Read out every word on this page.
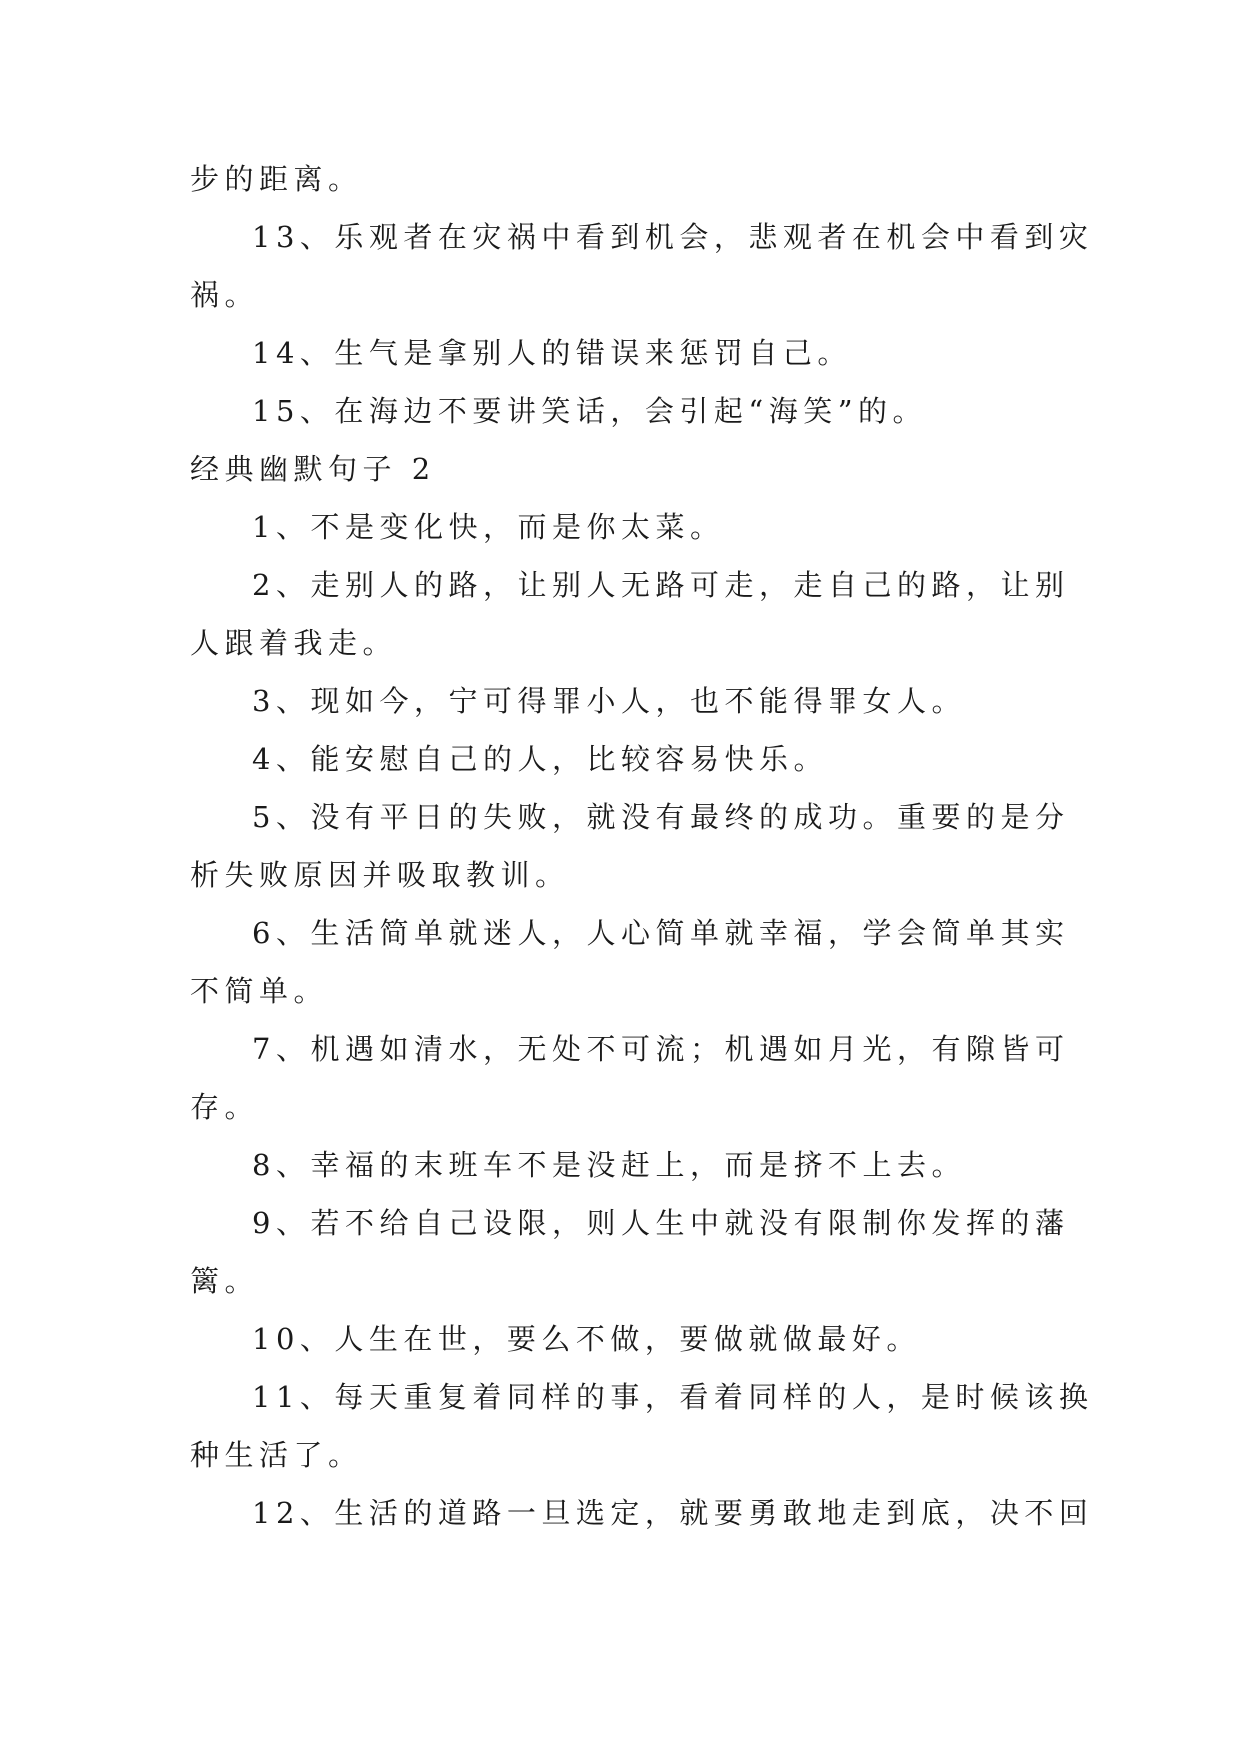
步的距离。
13、乐观者在灾祸中看到机会，悲观者在机会中看到灾
祸。
14、生气是拿别人的错误来惩罚自己。
15、在海边不要讲笑话，会引起“海笑”的。
经典幽默句子 2
1、不是变化快，而是你太菜。
2、走别人的路，让别人无路可走，走自己的路，让别
人跟着我走。
3、现如今，宁可得罪小人，也不能得罪女人。
4、能安慰自己的人，比较容易快乐。
5、没有平日的失败，就没有最终的成功。重要的是分
析失败原因并吸取教训。
6、生活简单就迷人，人心简单就幸福，学会简单其实
不简单。
7、机遇如清水，无处不可流；机遇如月光，有隙皆可
存。
8、幸福的末班车不是没赶上，而是挤不上去。
9、若不给自己设限，则人生中就没有限制你发挥的藩
篱。
10、人生在世，要么不做，要做就做最好。
11、每天重复着同样的事，看着同样的人，是时候该换
种生活了。
12、生活的道路一旦选定，就要勇敢地走到底，决不回
